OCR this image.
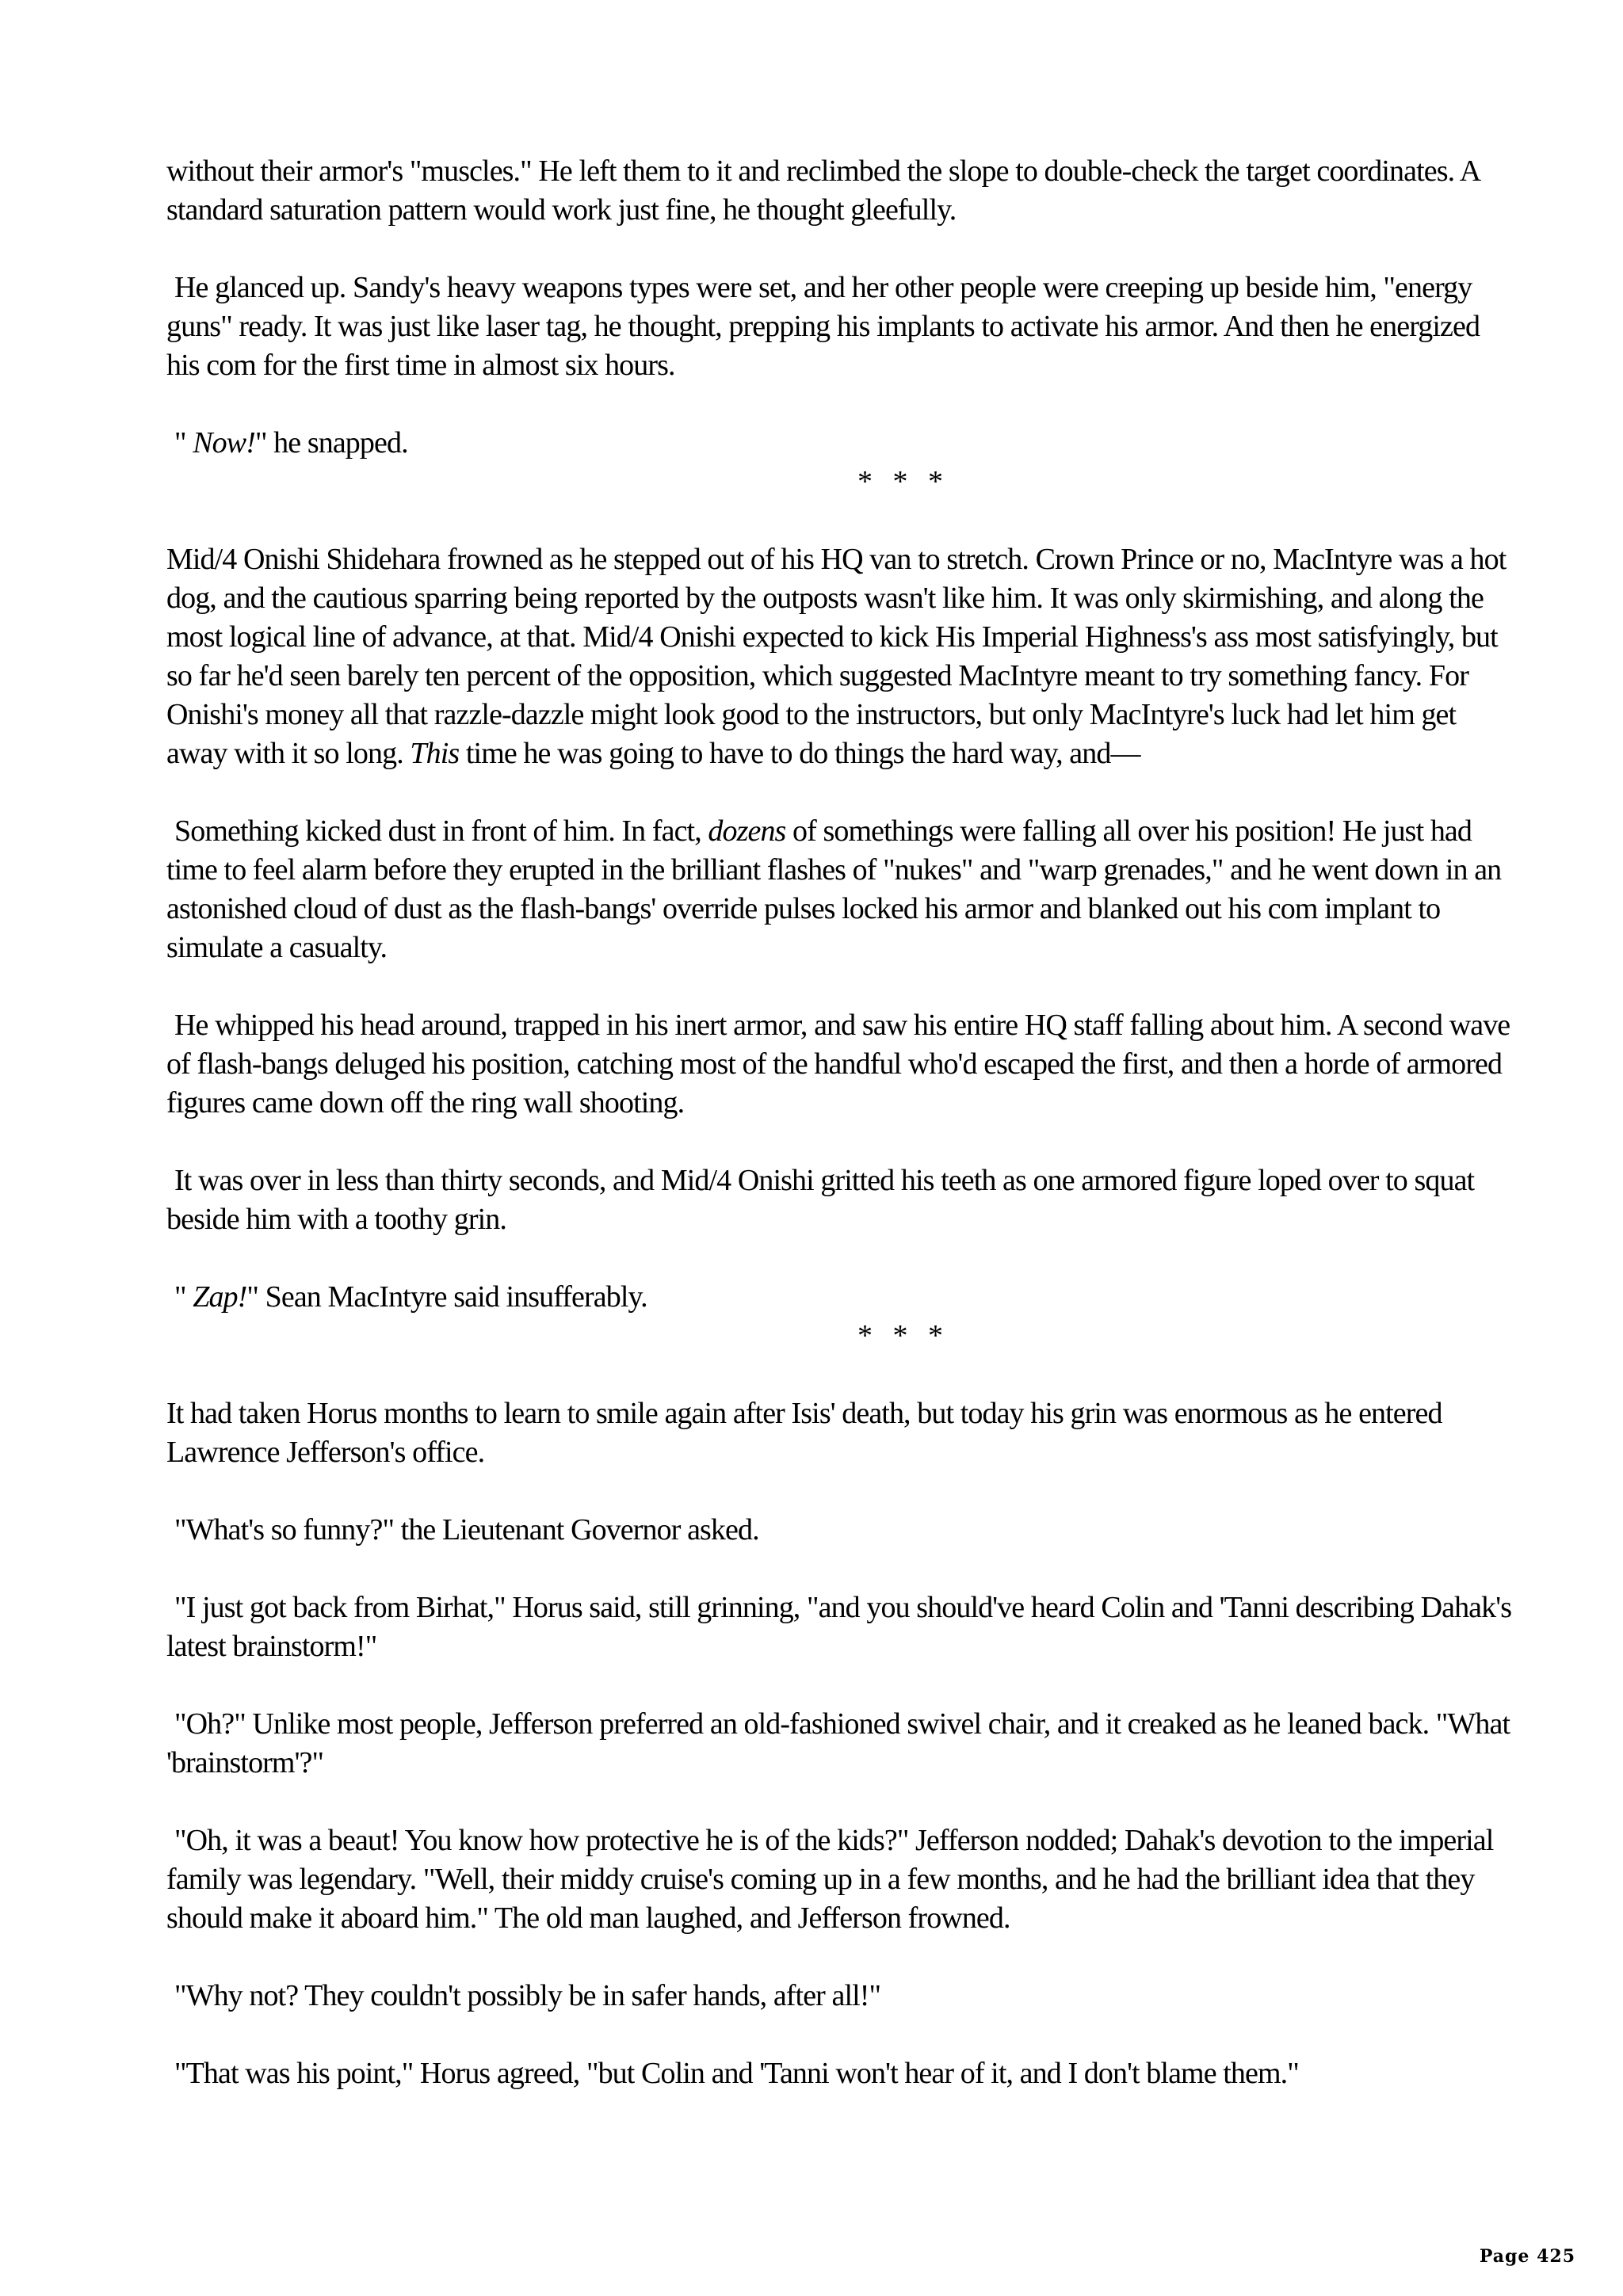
without their armor's "muscles." He left them to it and reclimbed the slope to double-check the target coordinates. A standard saturation pattern would work just fine, he thought gleefully.

He glanced up. Sandy's heavy weapons types were set, and her other people were creeping up beside him, "energy guns" ready. It was just like laser tag, he thought, prepping his implants to activate his armor. And then he energized his com for the first time in almost six hours.

" Now!" he snapped.

* * *

Mid/4 Onishi Shidehara frowned as he stepped out of his HQ van to stretch. Crown Prince or no, MacIntyre was a hot dog, and the cautious sparring being reported by the outposts wasn't like him. It was only skirmishing, and along the most logical line of advance, at that. Mid/4 Onishi expected to kick His Imperial Highness's ass most satisfyingly, but so far he'd seen barely ten percent of the opposition, which suggested MacIntyre meant to try something fancy. For Onishi's money all that razzle-dazzle might look good to the instructors, but only MacIntyre's luck had let him get away with it so long. This time he was going to have to do things the hard way, and—

Something kicked dust in front of him. In fact, dozens of somethings were falling all over his position! He just had time to feel alarm before they erupted in the brilliant flashes of "nukes" and "warp grenades," and he went down in an astonished cloud of dust as the flash-bangs' override pulses locked his armor and blanked out his com implant to simulate a casualty.

He whipped his head around, trapped in his inert armor, and saw his entire HQ staff falling about him. A second wave of flash-bangs deluged his position, catching most of the handful who'd escaped the first, and then a horde of armored figures came down off the ring wall shooting.

It was over in less than thirty seconds, and Mid/4 Onishi gritted his teeth as one armored figure loped over to squat beside him with a toothy grin.

" Zap!" Sean MacIntyre said insufferably.

* * *

It had taken Horus months to learn to smile again after Isis' death, but today his grin was enormous as he entered Lawrence Jefferson's office.

"What's so funny?" the Lieutenant Governor asked.

"I just got back from Birhat," Horus said, still grinning, "and you should've heard Colin and 'Tanni describing Dahak's latest brainstorm!"

"Oh?" Unlike most people, Jefferson preferred an old-fashioned swivel chair, and it creaked as he leaned back. "What 'brainstorm'?"

"Oh, it was a beaut! You know how protective he is of the kids?" Jefferson nodded; Dahak's devotion to the imperial family was legendary. "Well, their middy cruise's coming up in a few months, and he had the brilliant idea that they should make it aboard him." The old man laughed, and Jefferson frowned.

"Why not? They couldn't possibly be in safer hands, after all!"

"That was his point," Horus agreed, "but Colin and 'Tanni won't hear of it, and I don't blame them."

Page 425
